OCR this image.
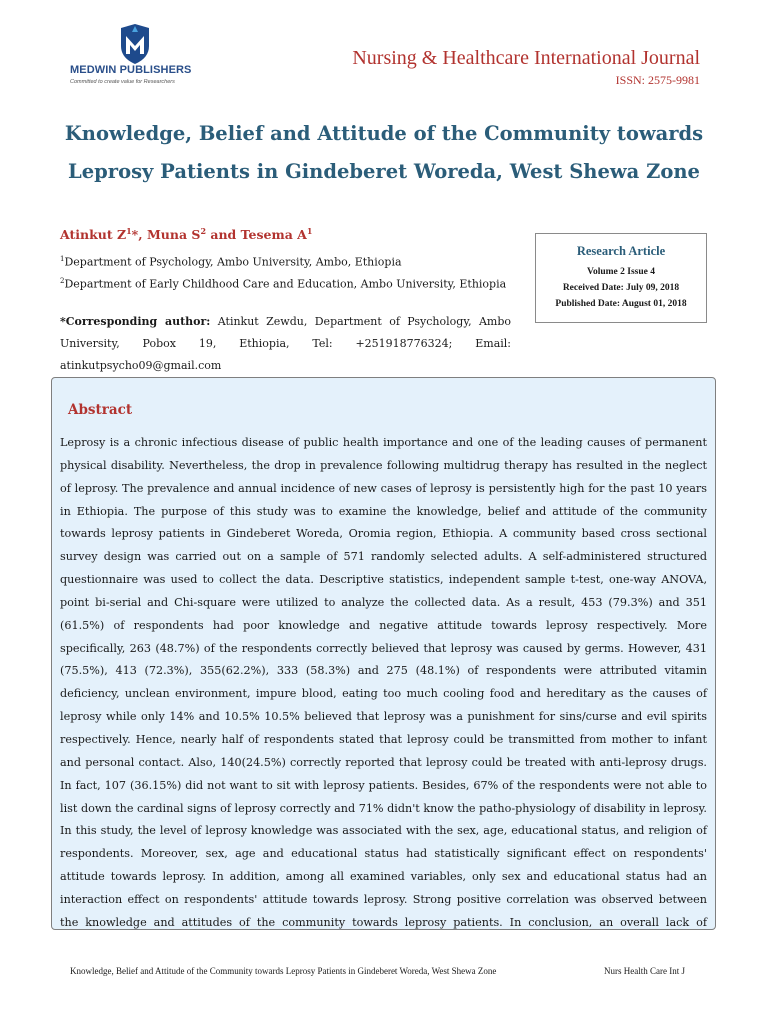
MEDWIN PUBLISHERS
Committed to create value for Researchers
Nursing & Healthcare International Journal
ISSN: 2575-9981
Knowledge, Belief and Attitude of the Community towards Leprosy Patients in Gindeberet Woreda, West Shewa Zone
Atinkut $Z^1*$, Muna $S^2$ and Tesema $A^1$
$^1$Department of Psychology, Ambo University, Ambo, Ethiopia
$^2$Department of Early Childhood Care and Education, Ambo University, Ethiopia
*Corresponding author: Atinkut Zewdu, Department of Psychology, Ambo University, Pobox 19, Ethiopia, Tel: +251918776324; Email: atinkutpsycho09@gmail.com
Research Article
Volume 2 Issue 4
Received Date: July 09, 2018
Published Date: August 01, 2018
Abstract
Leprosy is a chronic infectious disease of public health importance and one of the leading causes of permanent physical disability. Nevertheless, the drop in prevalence following multidrug therapy has resulted in the neglect of leprosy. The prevalence and annual incidence of new cases of leprosy is persistently high for the past 10 years in Ethiopia. The purpose of this study was to examine the knowledge, belief and attitude of the community towards leprosy patients in Gindeberet Woreda, Oromia region, Ethiopia. A community based cross sectional survey design was carried out on a sample of 571 randomly selected adults. A self-administered structured questionnaire was used to collect the data. Descriptive statistics, independent sample t-test, one-way ANOVA, point bi-serial and Chi-square were utilized to analyze the collected data. As a result, 453 (79.3%) and 351 (61.5%) of respondents had poor knowledge and negative attitude towards leprosy respectively. More specifically, 263 (48.7%) of the respondents correctly believed that leprosy was caused by germs. However, 431 (75.5%), 413 (72.3%), 355(62.2%), 333 (58.3%) and 275 (48.1%) of respondents were attributed vitamin deficiency, unclean environment, impure blood, eating too much cooling food and hereditary as the causes of leprosy while only 14% and 10.5% 10.5% believed that leprosy was a punishment for sins/curse and evil spirits respectively. Hence, nearly half of respondents stated that leprosy could be transmitted from mother to infant and personal contact. Also, 140(24.5%) correctly reported that leprosy could be treated with anti-leprosy drugs. In fact, 107 (36.15%) did not want to sit with leprosy patients. Besides, 67% of the respondents were not able to list down the cardinal signs of leprosy correctly and 71% didn't know the patho-physiology of disability in leprosy. In this study, the level of leprosy knowledge was associated with the sex, age, educational status, and religion of respondents. Moreover, sex, age and educational status had statistically significant effect on respondents' attitude towards leprosy. In addition, among all examined variables, only sex and educational status had an interaction effect on respondents' attitude towards leprosy. Strong positive correlation was observed between the knowledge and attitudes of the community towards leprosy patients. In conclusion, an overall lack of
Knowledge, Belief and Attitude of the Community towards Leprosy Patients in Gindeberet Woreda, West Shewa Zone	Nurs Health Care Int J
